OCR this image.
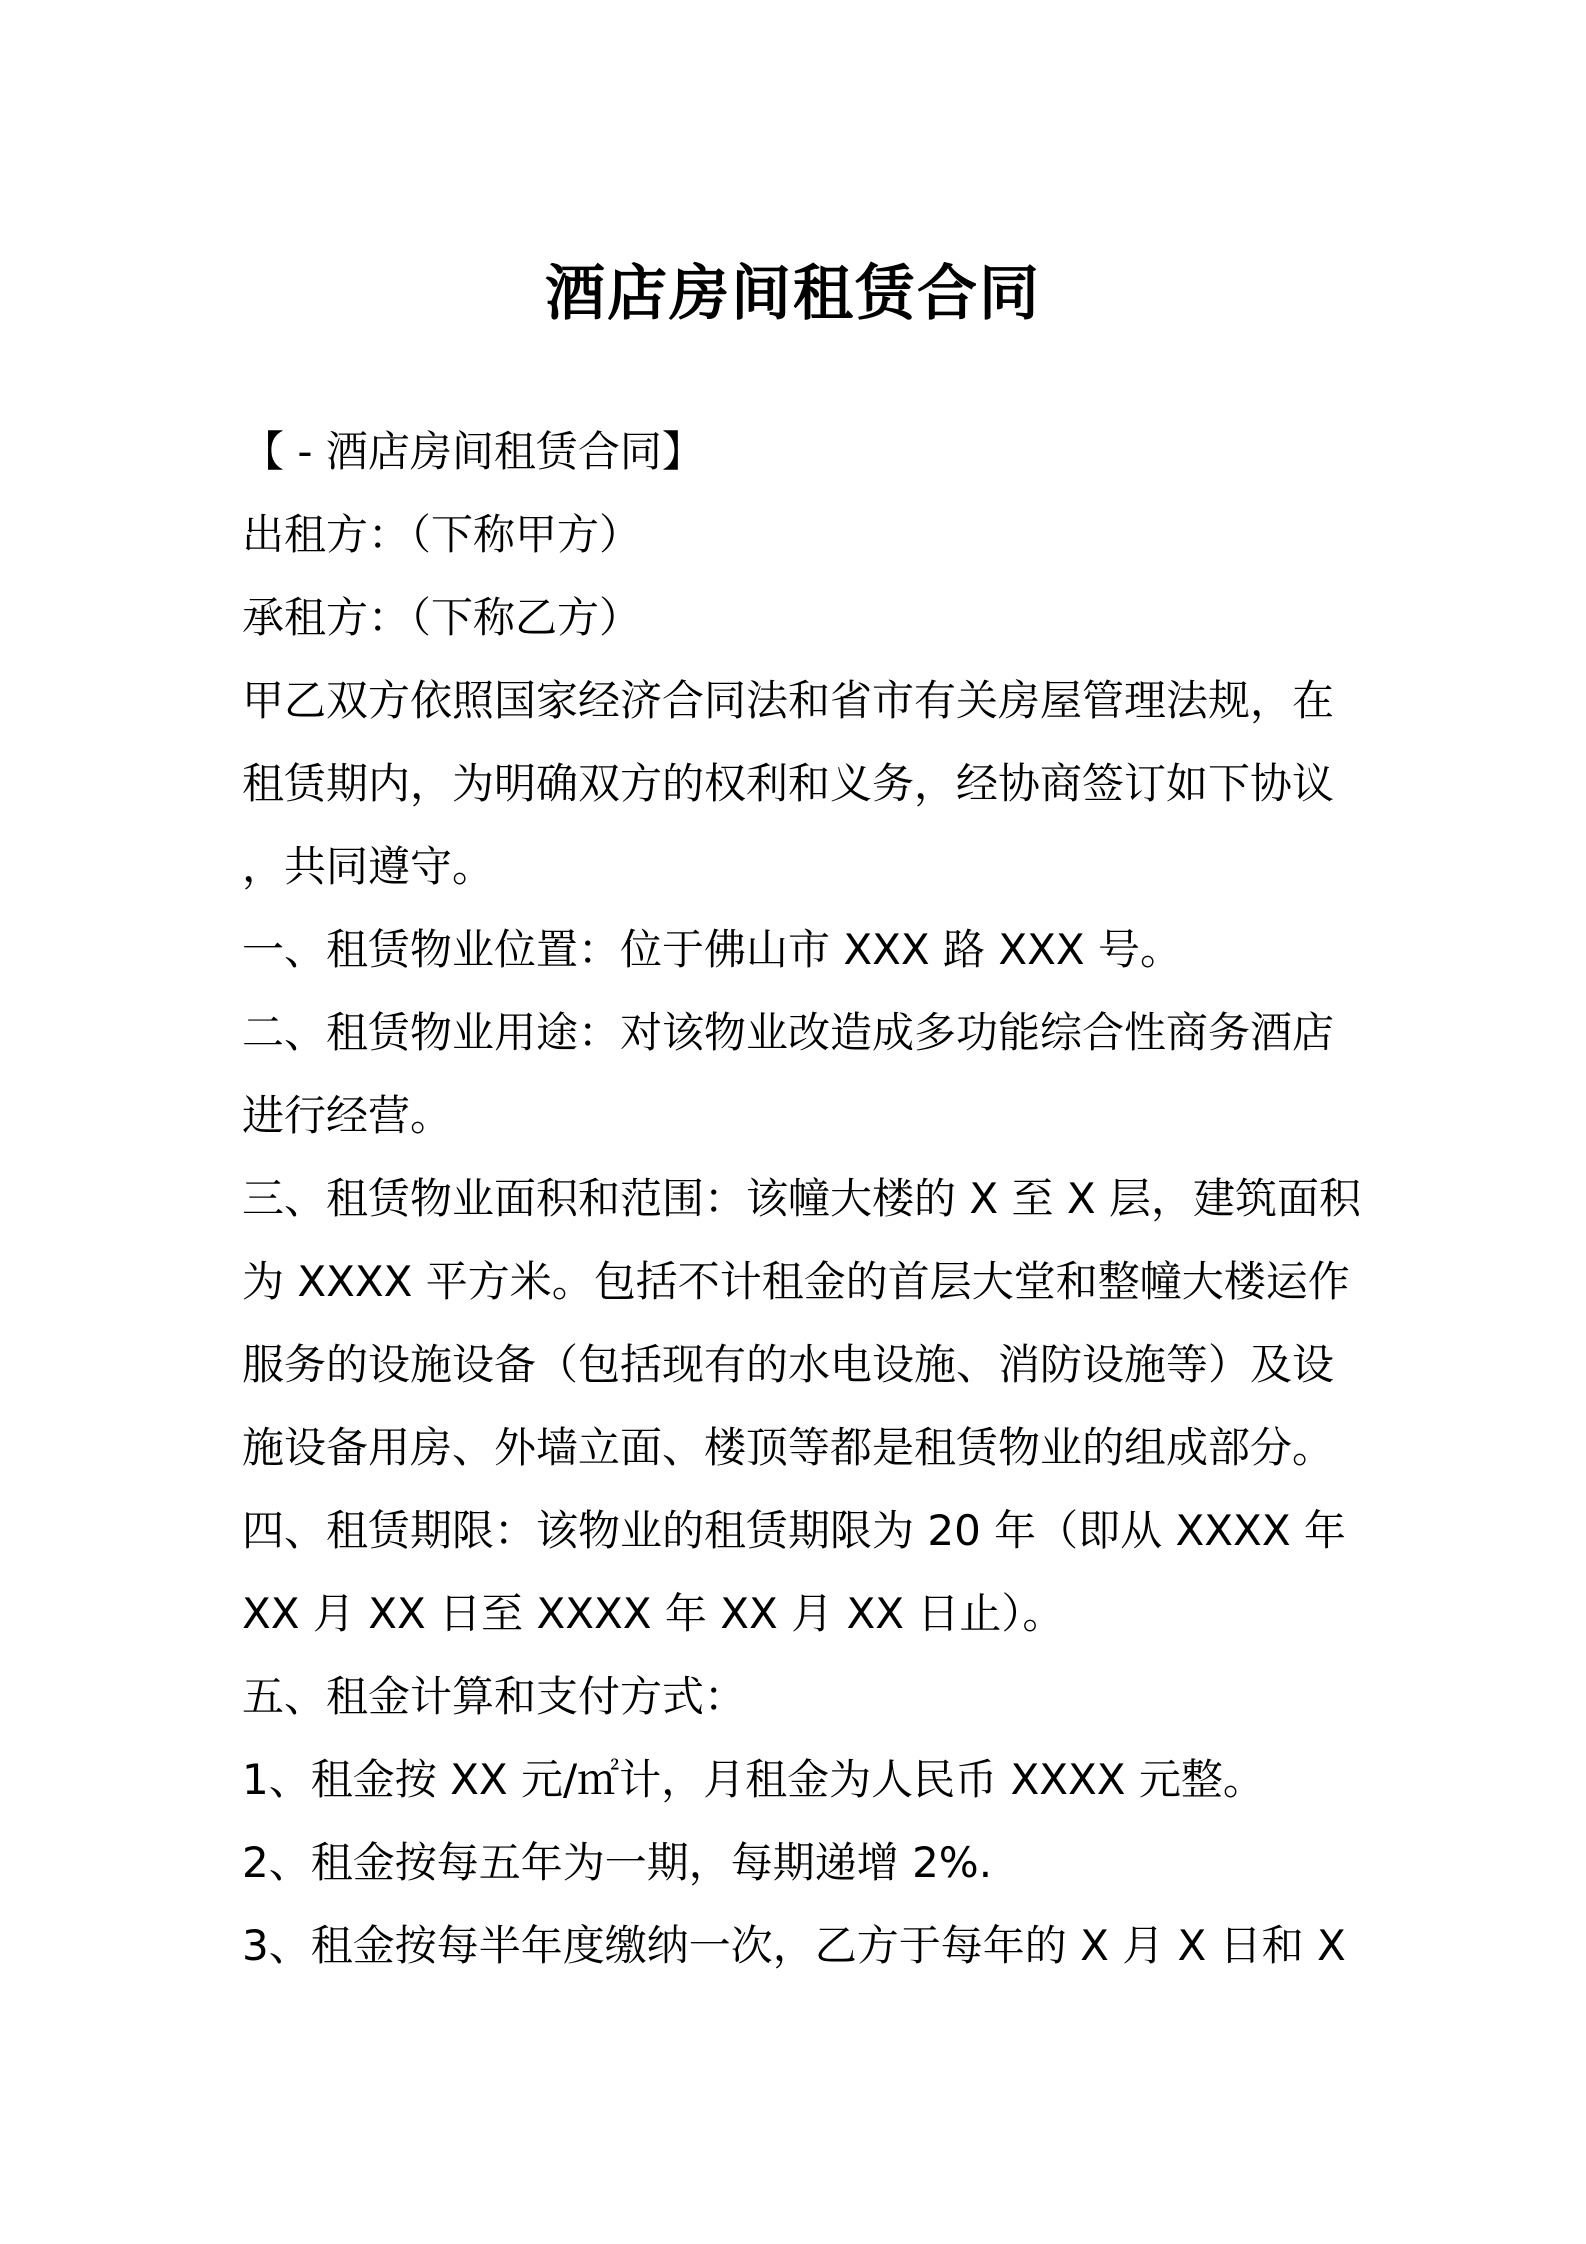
酒店房间租赁合同
【 - 酒店房间租赁合同】
出租方：（下称甲方）
承租方：（下称乙方）
甲乙双方依照国家经济合同法和省市有关房屋管理法规，在
租赁期内，为明确双方的权利和义务，经协商签订如下协议
，共同遵守。
一、租赁物业位置：位于佛山市 XXX 路 XXX 号。
二、租赁物业用途：对该物业改造成多功能综合性商务酒店
进行经营。
三、租赁物业面积和范围：该幢大楼的 X 至 X 层，建筑面积
为 XXXX 平方米。包括不计租金的首层大堂和整幢大楼运作
服务的设施设备（包括现有的水电设施、消防设施等）及设
施设备用房、外墙立面、楼顶等都是租赁物业的组成部分。
四、租赁期限：该物业的租赁期限为 20 年（即从 XXXX 年
XX 月 XX 日至 XXXX 年 XX 月 XX 日止）。
五、租金计算和支付方式：
1、租金按 XX 元/㎡计，月租金为人民币 XXXX 元整。
2、租金按每五年为一期，每期递增 2%.
3、租金按每半年度缴纳一次，乙方于每年的 X 月 X 日和 X
